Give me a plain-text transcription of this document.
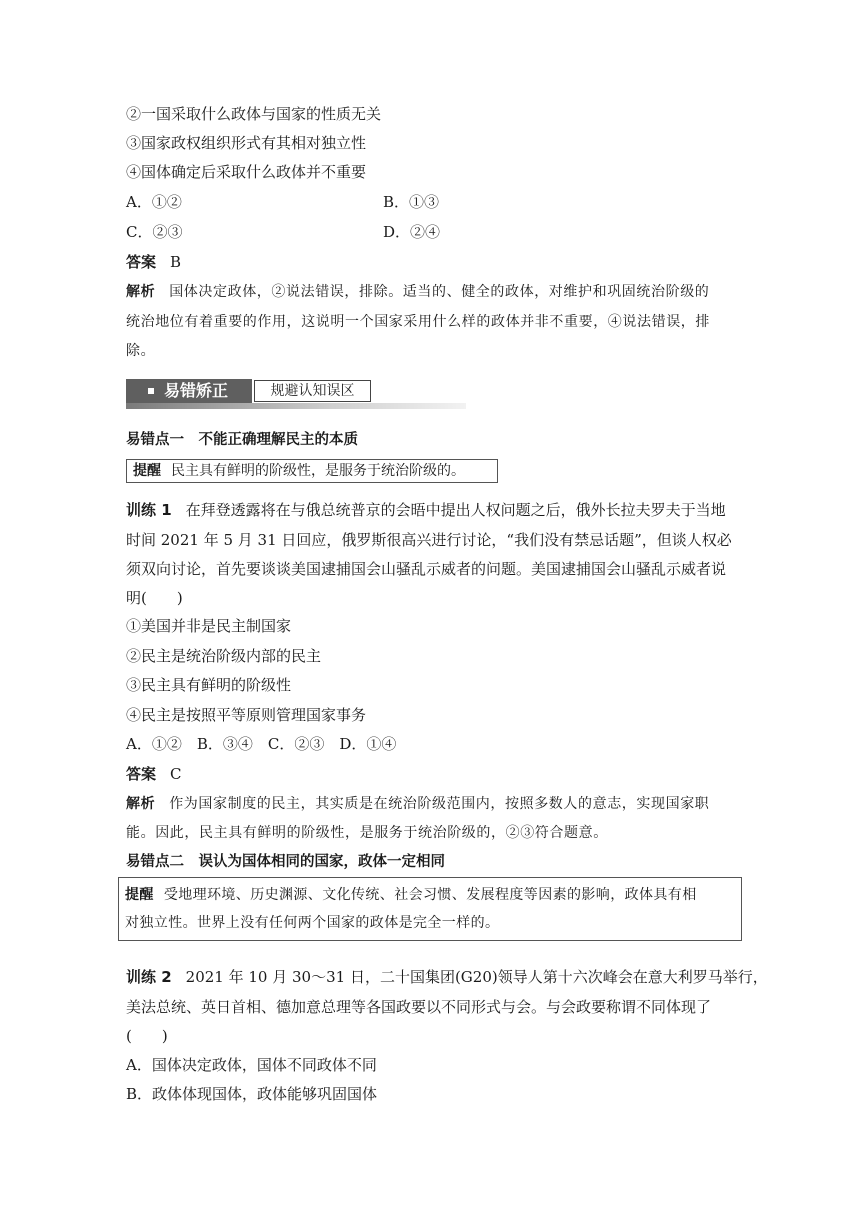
②一国采取什么政体与国家的性质无关
③国家政权组织形式有其相对独立性
④国体确定后采取什么政体并不重要
A．①②	B．①③
C．②③	D．②④
答案 B
解析 国体决定政体，②说法错误，排除。适当的、健全的政体，对维护和巩固统治阶级的
统治地位有着重要的作用，这说明一个国家采用什么样的政体并非不重要，④说法错误，排
除。
易错矫正	规避认知误区
易错点一　不能正确理解民主的本质
提醒 民主具有鲜明的阶级性，是服务于统治阶级的。
训练 1 在拜登透露将在与俄总统普京的会晤中提出人权问题之后，俄外长拉夫罗夫于当地
时间 2021 年 5 月 31 日回应，俄罗斯很高兴进行讨论，“我们没有禁忌话题”，但谈人权必
须双向讨论，首先要谈谈美国逮捕国会山骚乱示威者的问题。美国逮捕国会山骚乱示威者说
明(　　)
①美国并非是民主制国家
②民主是统治阶级内部的民主
③民主具有鲜明的阶级性
④民主是按照平等原则管理国家事务
A．①②　B．③④　C．②③　D．①④
答案 C
解析 作为国家制度的民主，其实质是在统治阶级范围内，按照多数人的意志，实现国家职
能。因此，民主具有鲜明的阶级性，是服务于统治阶级的，②③符合题意。
易错点二　误认为国体相同的国家，政体一定相同
提醒 受地理环境、历史渊源、文化传统、社会习惯、发展程度等因素的影响，政体具有相
对独立性。世界上没有任何两个国家的政体是完全一样的。
训练 2 2021 年 10 月 30～31 日，二十国集团(G20)领导人第十六次峰会在意大利罗马举行，
美法总统、英日首相、德加意总理等各国政要以不同形式与会。与会政要称谓不同体现了
(　　)
A．国体决定政体，国体不同政体不同
B．政体体现国体，政体能够巩固国体
